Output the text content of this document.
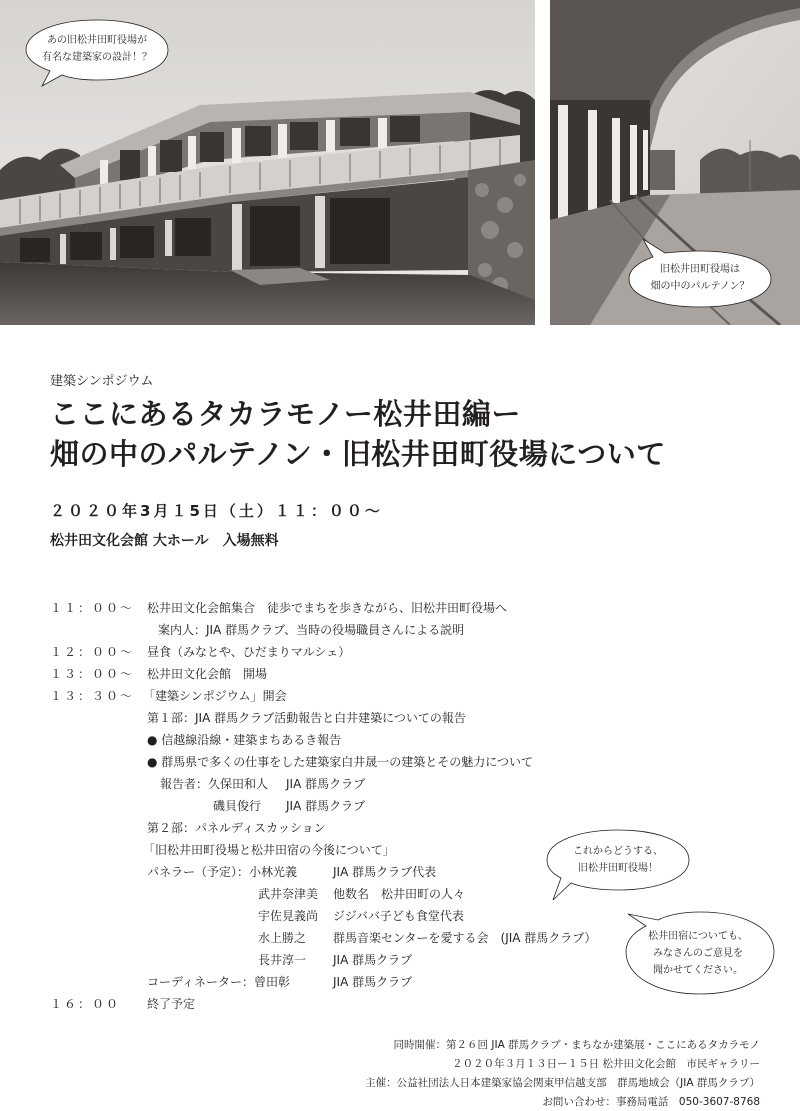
あの旧松井田町役場が
有名な建築家の設計！？
旧松井田町役場は
畑の中のパルテノン？
これからどうする、
旧松井田町役場！
松井田宿についても、
みなさんのご意見を
聞かせてください。
建築シンポジウム
ここにあるタカラモノー松井田編ー
畑の中のパルテノン・旧松井田町役場について
２０２０年3月１5日（土）１１：００～
松井田文化会館 大ホール　入場無料
１１：００～ 松井田文化会館集合　徒歩でまちを歩きながら、旧松井田町役場へ
案内人：JIA 群馬クラブ、当時の役場職員さんによる説明
１２：００～ 昼食（みなとや、ひだまりマルシェ）
１３：００～ 松井田文化会館　開場
１３：３０～ 「建築シンポジウム」開会
第１部：JIA 群馬クラブ活動報告と白井建築についての報告
● 信越線沿線・建築まちあるき報告
● 群馬県で多くの仕事をした建築家白井晟一の建築とその魅力について
報告者：久保田和人 JIA 群馬クラブ
磯貝俊行 JIA 群馬クラブ
第２部：パネルディスカッション
「旧松井田町役場と松井田宿の今後について」
パネラー（予定）：小林光義	JIA 群馬クラブ代表
武井奈津美 他数名　松井田町の人々
宇佐見義尚 ジジババ子ども食堂代表
水上勝之 群馬音楽センターを愛する会　(JIA 群馬クラブ）
長井淳一 JIA 群馬クラブ
コーディネーター：曾田彰	JIA 群馬クラブ
１６：００ 終了予定
同時開催：第２６回 JIA 群馬クラブ・まちなか建築展・ここにあるタカラモノ
２０２０年３月１３日ー１５日 松井田文化会館　市民ギャラリー
主催：公益社団法人日本建築家協会関東甲信越支部　群馬地域会（JIA 群馬クラブ）
お問い合わせ：事務局電話　050-3607-8768
